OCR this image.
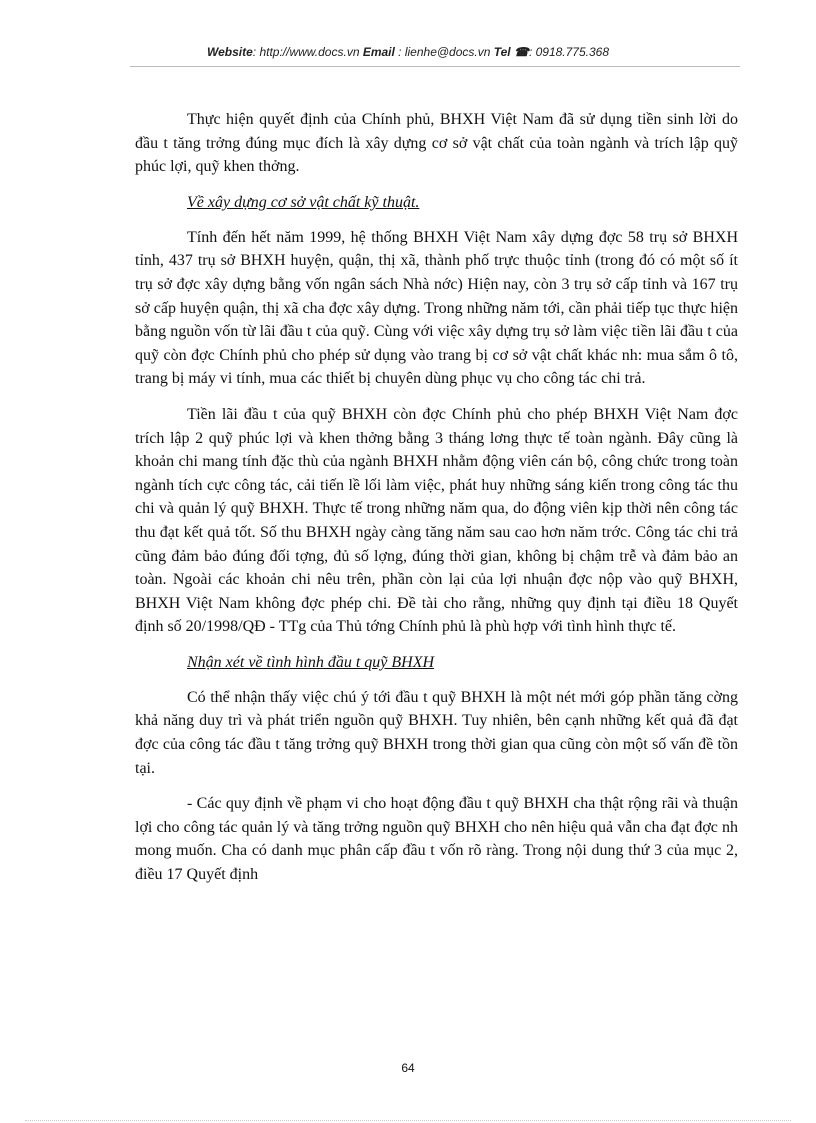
Website: http://www.docs.vn Email : lienhe@docs.vn Tel ☎: 0918.775.368

Thực hiện quyết định của Chính phủ, BHXH Việt Nam đã sử dụng tiền sinh lời do đầu t tăng trởng đúng mục đích là xây dựng cơ sở vật chất của toàn ngành và trích lập quỹ phúc lợi, quỹ khen thởng.

Về xây dựng cơ sở vật chất kỹ thuật.

Tính đến hết năm 1999, hệ thống BHXH Việt Nam xây dựng đợc 58 trụ sở BHXH tỉnh, 437 trụ sở BHXH huyện, quận, thị xã, thành phố trực thuộc tỉnh (trong đó có một số ít trụ sở đợc xây dựng bằng vốn ngân sách Nhà nớc) Hiện nay, còn 3 trụ sở cấp tỉnh và 167 trụ sở cấp huyện quận, thị xã cha đợc xây dựng. Trong những năm tới, cần phải tiếp tục thực hiện bằng nguồn vốn từ lãi đầu t của quỹ. Cùng với việc xây dựng trụ sở làm việc tiền lãi đầu t của quỹ còn đợc Chính phủ cho phép sử dụng vào trang bị cơ sở vật chất khác nh: mua sắm ô tô, trang bị máy vi tính, mua các thiết bị chuyên dùng phục vụ cho công tác chi trả.

Tiền lãi đầu t của quỹ BHXH còn đợc Chính phủ cho phép BHXH Việt Nam đợc trích lập 2 quỹ phúc lợi và khen thởng bằng 3 tháng lơng thực tế toàn ngành. Đây cũng là khoản chi mang tính đặc thù của ngành BHXH nhằm động viên cán bộ, công chức trong toàn ngành tích cực công tác, cải tiến lề lối làm việc, phát huy những sáng kiến trong công tác thu chi và quản lý quỹ BHXH. Thực tế trong những năm qua, do động viên kịp thời nên công tác thu đạt kết quả tốt. Số thu BHXH ngày càng tăng năm sau cao hơn năm trớc. Công tác chi trả cũng đảm bảo đúng đối tợng, đủ số lợng, đúng thời gian, không bị chậm trễ và đảm bảo an toàn. Ngoài các khoản chi nêu trên, phần còn lại của lợi nhuận đợc nộp vào quỹ BHXH, BHXH Việt Nam không đợc phép chi. Đề tài cho rằng, những quy định tại điều 18 Quyết định số 20/1998/QĐ - TTg của Thủ tớng Chính phủ là phù hợp với tình hình thực tế.

Nhận xét về tình hình đầu t quỹ BHXH

Có thể nhận thấy việc chú ý tới đầu t quỹ BHXH là một nét mới góp phần tăng cờng khả năng duy trì và phát triển nguồn quỹ BHXH. Tuy nhiên, bên cạnh những kết quả đã đạt đợc của công tác đầu t tăng trởng quỹ BHXH trong thời gian qua cũng còn một số vấn đề tồn tại.

- Các quy định về phạm vi cho hoạt động đầu t quỹ BHXH cha thật rộng rãi và thuận lợi cho công tác quản lý và tăng trởng nguồn quỹ BHXH cho nên hiệu quả vẫn cha đạt đợc nh mong muốn. Cha có danh mục phân cấp đầu t vốn rõ ràng. Trong nội dung thứ 3 của mục 2, điều 17 Quyết định

64
